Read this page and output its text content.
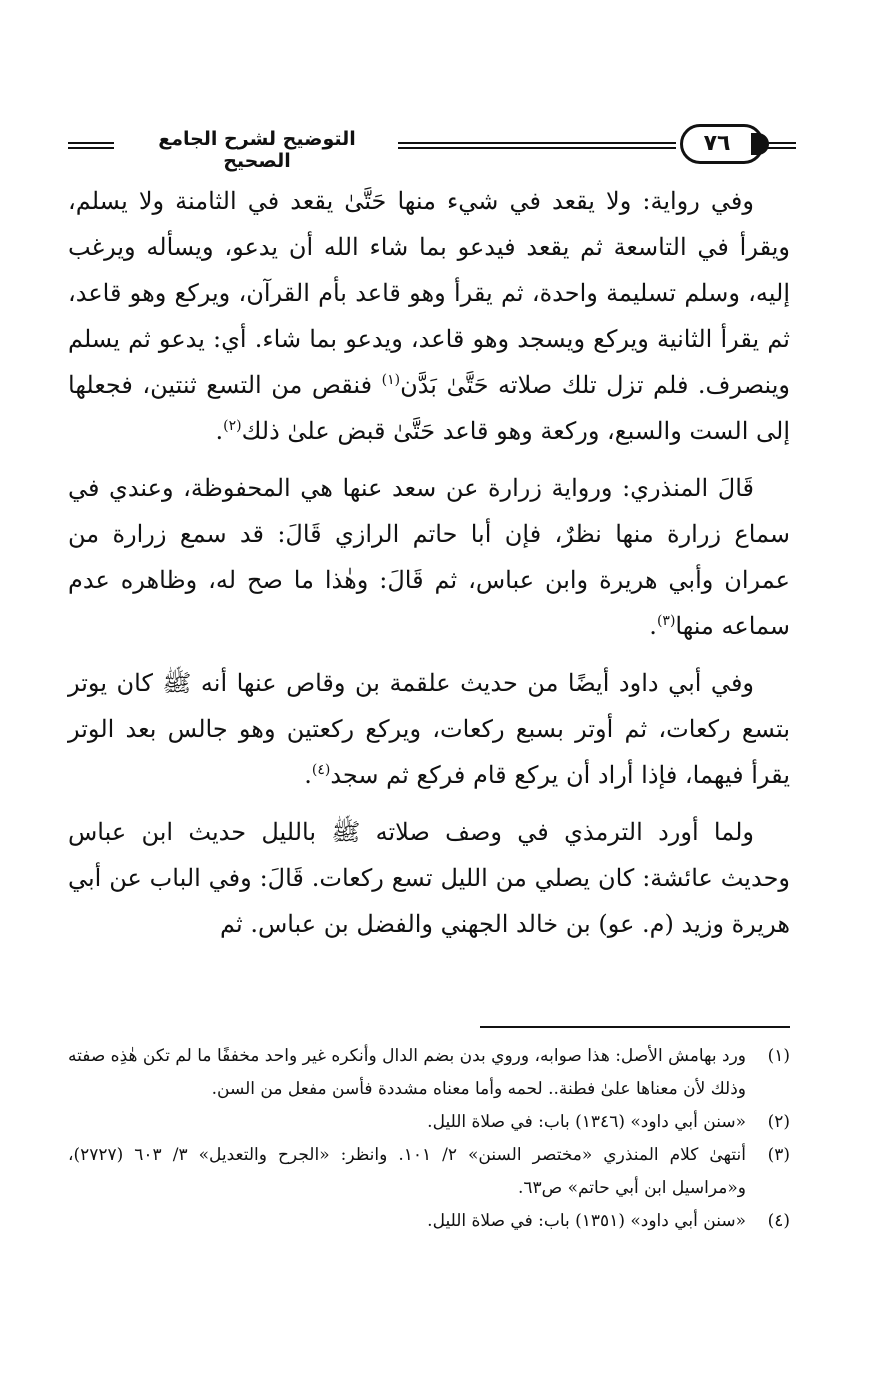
التوضيح لشرح الجامع الصحيح
٧٦

وفي رواية: ولا يقعد في شيء منها حَتَّىٰ يقعد في الثامنة ولا يسلم، ويقرأ في التاسعة ثم يقعد فيدعو بما شاء الله أن يدعو، ويسأله ويرغب إليه، وسلم تسليمة واحدة، ثم يقرأ وهو قاعد بأم القرآن، ويركع وهو قاعد، ثم يقرأ الثانية ويركع ويسجد وهو قاعد، ويدعو بما شاء. أي: يدعو ثم يسلم وينصرف. فلم تزل تلك صلاته حَتَّىٰ بَدَّن$^{(١)}$ فنقص من التسع ثنتين، فجعلها إلى الست والسبع، وركعة وهو قاعد حَتَّىٰ قبض علىٰ ذلك$^{(٢)}$.

قَالَ المنذري: ورواية زرارة عن سعد عنها هي المحفوظة، وعندي في سماع زرارة منها نظرٌ، فإن أبا حاتم الرازي قَالَ: قد سمع زرارة من عمران وأبي هريرة وابن عباس، ثم قَالَ: وهٰذا ما صح له، وظاهره عدم سماعه منها$^{(٣)}$.

وفي أبي داود أيضًا من حديث علقمة بن وقاص عنها أنه ﷺ كان يوتر بتسع ركعات، ثم أوتر بسبع ركعات، ويركع ركعتين وهو جالس بعد الوتر يقرأ فيهما، فإذا أراد أن يركع قام فركع ثم سجد$^{(٤)}$.

ولما أورد الترمذي في وصف صلاته ﷺ بالليل حديث ابن عباس وحديث عائشة: كان يصلي من الليل تسع ركعات. قَالَ: وفي الباب عن أبي هريرة وزيد (م. عو) بن خالد الجهني والفضل بن عباس. ثم

(١)
ورد بهامش الأصل: هذا صوابه، وروي بدن بضم الدال وأنكره غير واحد مخففًا ما لم تكن هٰذِه صفته وذلك لأن معناها علىٰ فطنة.. لحمه وأما معناه مشددة فأسن مفعل من السن.

(٢)
«سنن أبي داود» (١٣٤٦) باب: في صلاة الليل.

(٣)
أنتهىٰ كلام المنذري «مختصر السنن» ٢/ ١٠١. وانظر: «الجرح والتعديل» ٣/ ٦٠٣ (٢٧٢٧)، و«مراسيل ابن أبي حاتم» ص٦٣.

(٤)
«سنن أبي داود» (١٣٥١) باب: في صلاة الليل.
